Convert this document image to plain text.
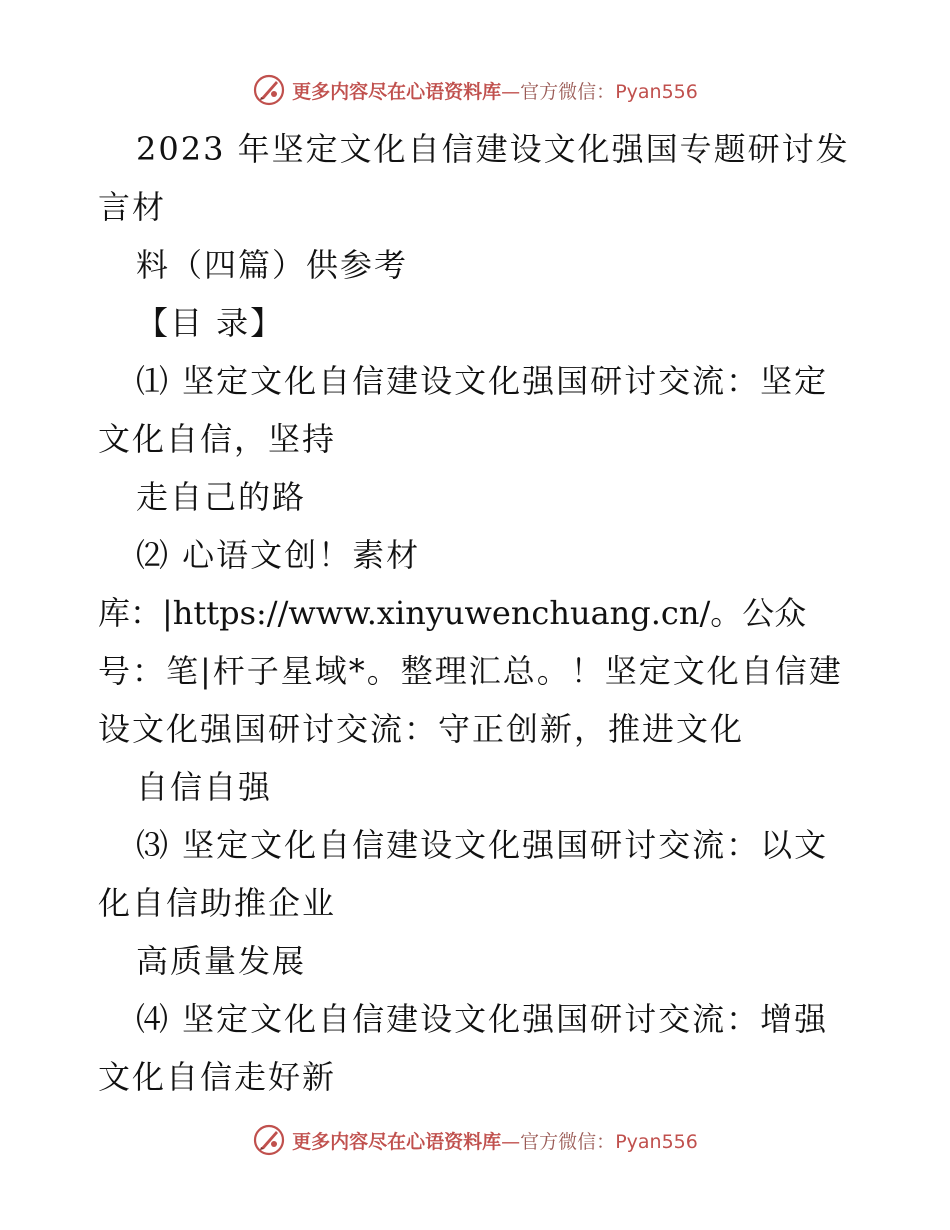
更多内容尽在心语资料库—官方微信：Pyan556
2023 年坚定文化自信建设文化强国专题研讨发
言材
料（四篇）供参考
【目 录】
⑴ 坚定文化自信建设文化强国研讨交流：坚定
文化自信，坚持
走自己的路
⑵ 心语文创！素材
库：|https://www.xinyuwenchuang.cn/。公众
号：笔|杆子星域*。整理汇总。！坚定文化自信建
设文化强国研讨交流：守正创新，推进文化
自信自强
⑶ 坚定文化自信建设文化强国研讨交流：以文
化自信助推企业
高质量发展
⑷ 坚定文化自信建设文化强国研讨交流：增强
文化自信走好新
更多内容尽在心语资料库—官方微信：Pyan556
